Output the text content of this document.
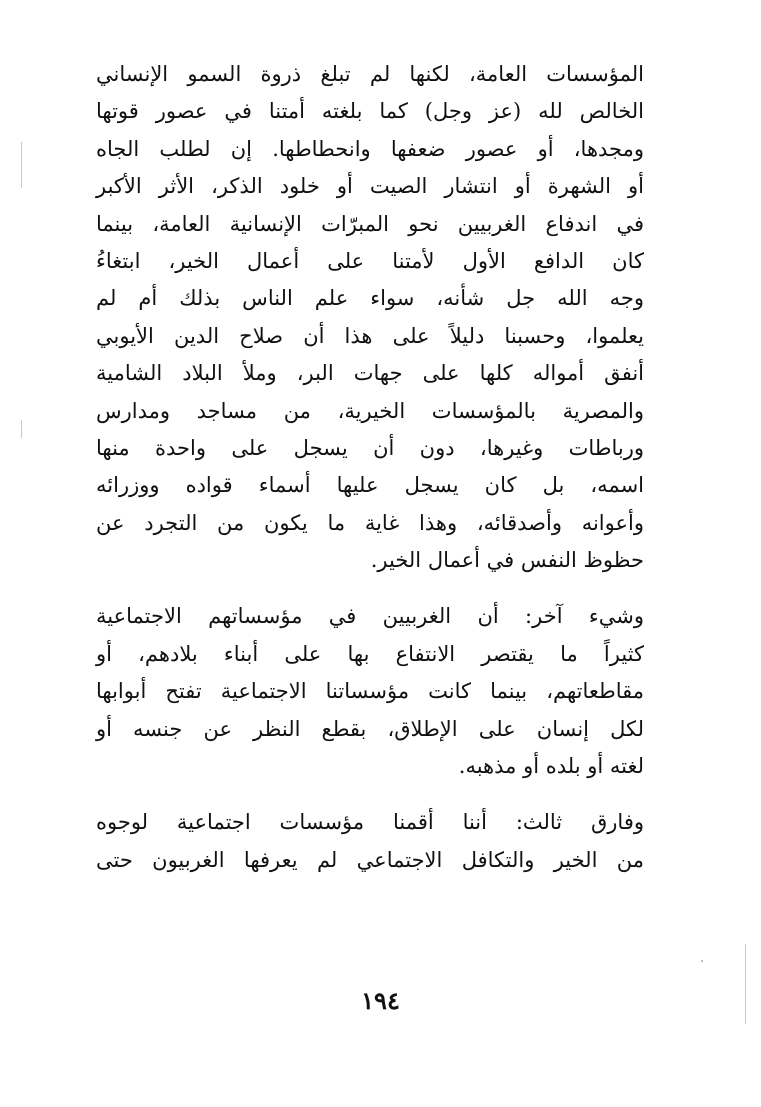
المؤسسات العامة، لكنها لم تبلغ ذروة السمو الإنساني
الخالص لله (عز وجل) كما بلغته أمتنا في عصور قوتها
ومجدها، أو عصور ضعفها وانحطاطها. إن لطلب الجاه
أو الشهرة أو انتشار الصيت أو خلود الذكر، الأثر الأكبر
في اندفاع الغربيين نحو المبرّات الإنسانية العامة، بينما
كان الدافع الأول لأمتنا على أعمال الخير، ابتغاءُ
وجه الله جل شأنه، سواء علم الناس بذلك أم لم
يعلموا، وحسبنا دليلاً على هذا أن صلاح الدين الأيوبي
أنفق أمواله كلها على جهات البر، وملأ البلاد الشامية
والمصرية بالمؤسسات الخيرية، من مساجد ومدارس
ورباطات وغيرها، دون أن يسجل على واحدة منها
اسمه، بل كان يسجل عليها أسماء قواده ووزرائه
وأعوانه وأصدقائه، وهذا غاية ما يكون من التجرد عن
حظوظ النفس في أعمال الخير.
وشيء آخر: أن الغربيين في مؤسساتهم الاجتماعية
كثيراً ما يقتصر الانتفاع بها على أبناء بلادهم، أو
مقاطعاتهم، بينما كانت مؤسساتنا الاجتماعية تفتح أبوابها
لكل إنسان على الإطلاق، بقطع النظر عن جنسه أو
لغته أو بلده أو مذهبه.
وفارق ثالث: أننا أقمنا مؤسسات اجتماعية لوجوه
من الخير والتكافل الاجتماعي لم يعرفها الغربيون حتى
١٩٤
